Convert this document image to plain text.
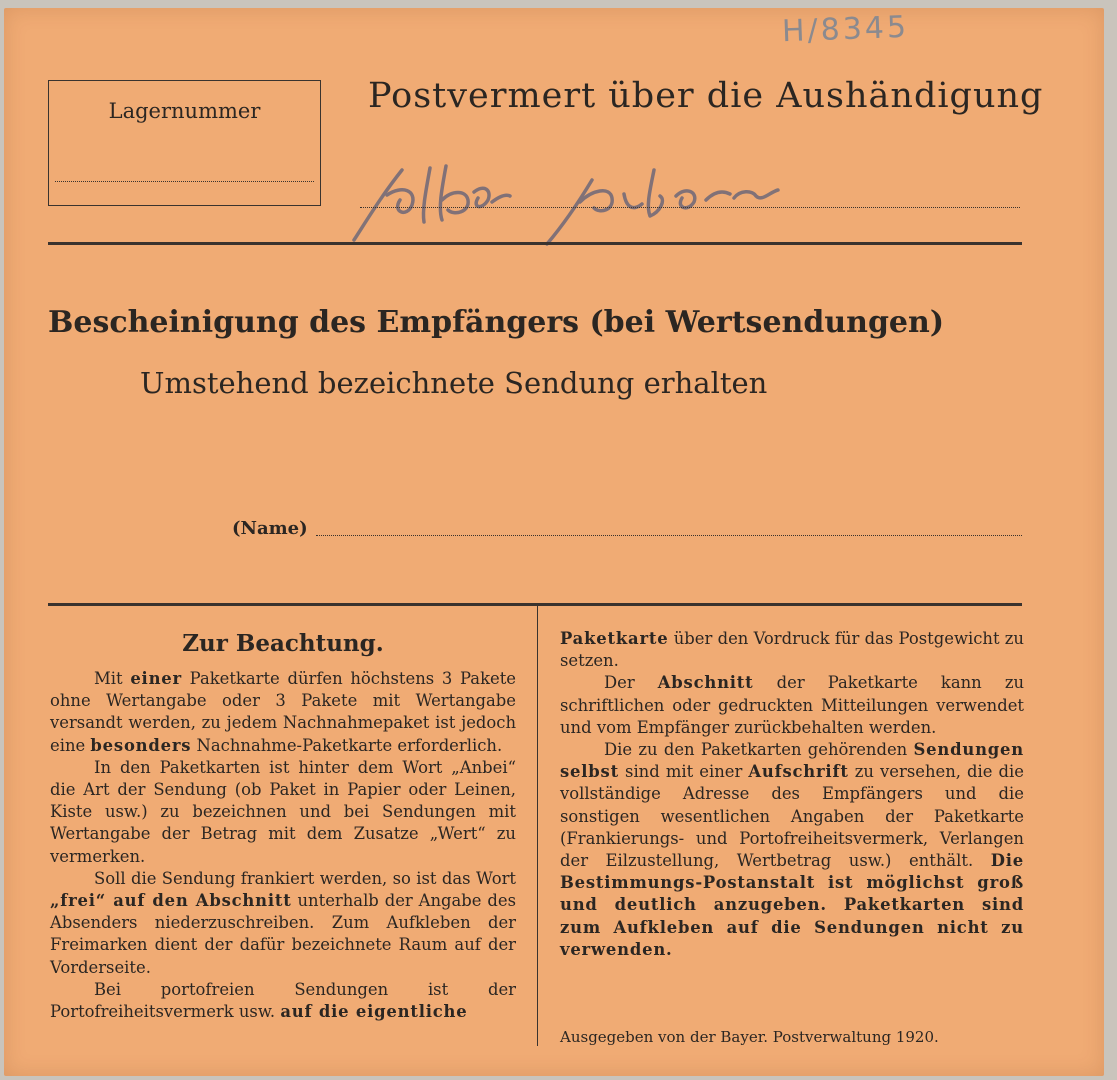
H/8345
Lagernummer	Postvermert über die Aushändigung
Bescheinigung des Empfängers (bei Wertsendungen)
Umstehend bezeichnete Sendung erhalten
(Name)
Zur Beachtung.

Mit einer Paketkarte dürfen höchstens 3 Pakete ohne Wertangabe oder 3 Pakete mit Wertangabe versandt werden, zu jedem Nachnahmepaket ist jedoch eine besonders Nachnahme-Paketkarte erforderlich.

In den Paketkarten ist hinter dem Wort „Anbei“ die Art der Sendung (ob Paket in Papier oder Leinen, Kiste usw.) zu bezeichnen und bei Sendungen mit Wertangabe der Betrag mit dem Zusatze „Wert“ zu vermerken.

Soll die Sendung frankiert werden, so ist das Wort „frei“ auf den Abschnitt unterhalb der Angabe des Absenders niederzuschreiben. Zum Aufkleben der Freimarken dient der dafür bezeichnete Raum auf der Vorderseite.

Bei portofreien Sendungen ist der Portofreiheitsvermerk usw. auf die eigentliche

Paketkarte über den Vordruck für das Postgewicht zu setzen.

Der Abschnitt der Paketkarte kann zu schriftlichen oder gedruckten Mitteilungen verwendet und vom Empfänger zurückbehalten werden.

Die zu den Paketkarten gehörenden Sendungen selbst sind mit einer Aufschrift zu versehen, die die vollständige Adresse des Empfängers und die sonstigen wesentlichen Angaben der Paketkarte (Frankierungs- und Portofreiheitsvermerk, Verlangen der Eilzustellung, Wertbetrag usw.) enthält. Die Bestimmungs-Postanstalt ist möglichst groß und deutlich anzugeben. Paketkarten sind zum Aufkleben auf die Sendungen nicht zu verwenden.

Ausgegeben von der Bayer. Postverwaltung 1920.
